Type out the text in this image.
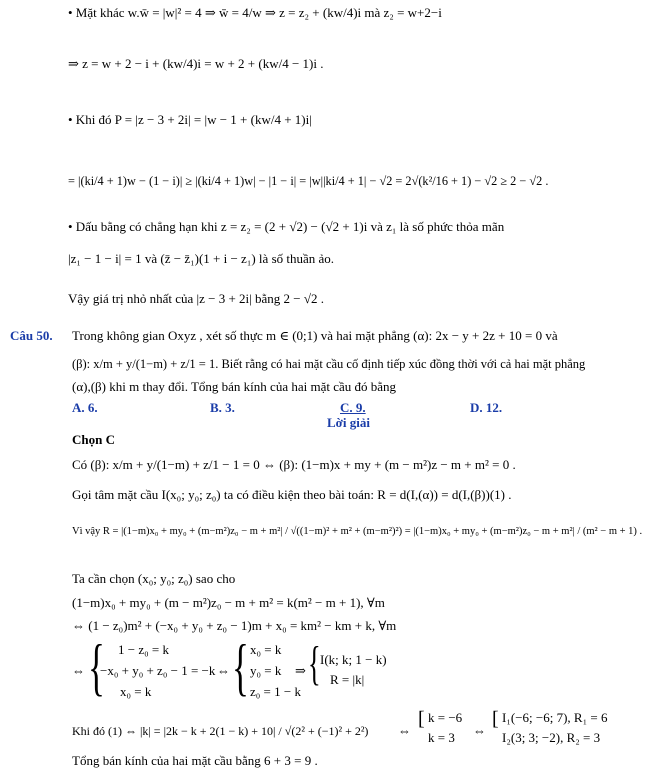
• Mặt khác w.w̄ = |w|² = 4 ⇒ w̄ = 4/w ⇒ z = z₂ + (kw/4)i mà z₂ = w+2−i
⇒ z = w + 2 − i + (kw/4)i = w + 2 + (kw/4 − 1)i .
• Khi đó P = |z − 3 + 2i| = |w − 1 + (kw/4 + 1)i|
= |(ki/4 + 1)w − (1 − i)| ≥ |(ki/4 + 1)w| − |1 − i| = |w||ki/4 + 1| − √2 = 2√(k²/16 + 1) − √2 ≥ 2 − √2 .
• Dấu bằng có chẳng hạn khi z = z₂ = (2 + √2) − (√2 + 1)i và z₁ là số phức thỏa mãn
|z₁ − 1 − i| = 1 và (z̄ − z̄₁)(1 + i − z₁) là số thuần ảo.
Vậy giá trị nhỏ nhất của |z − 3 + 2i| bằng 2 − √2 .
Câu 50. Trong không gian Oxyz , xét số thực m ∈ (0;1) và hai mặt phẳng (α): 2x − y + 2z + 10 = 0 và
(β): x/m + y/(1−m) + z/1 = 1. Biết rằng có hai mặt cầu cố định tiếp xúc đồng thời với cả hai mặt phẳng
(α),(β) khi m thay đổi. Tổng bán kính của hai mặt cầu đó bằng
A. 6.	B. 3.	C. 9.	D. 12.
Lời giải
Chọn C
Có (β): x/m + y/(1−m) + z/1 − 1 = 0 ⇔ (β): (1−m)x + my + (m − m²)z − m + m² = 0 .
Gọi tâm mặt cầu I(x₀; y₀; z₀) ta có điều kiện theo bài toán: R = d(I,(α)) = d(I,(β))(1) .
Vì vậy R = |(1−m)x₀ + my₀ + (m−m²)z₀ − m + m²| / √((1−m)² + m² + (m−m²)²) = |(1−m)x₀ + my₀ + (m−m²)z₀ − m + m²| / (m² − m + 1) .
Ta cần chọn (x₀; y₀; z₀) sao cho
(1−m)x₀ + my₀ + (m − m²)z₀ − m + m² = k(m² − m + 1), ∀m
⇔ (1 − z₀)m² + (−x₀ + y₀ + z₀ − 1)m + x₀ = km² − km + k, ∀m
⇔ { 1 − z₀ = k
−x₀ + y₀ + z₀ − 1 = −k
x₀ = k
⇔ { x₀ = k
y₀ = k
z₀ = 1 − k
⇒ { I(k; k; 1 − k)
R = |k|
Khi đó (1) ⇔ |k| = |2k − k + 2(1 − k) + 10| / √(2² + (−1)² + 2²) ⇔
[ k = −6
k = 3 ⇔
[ I₁(−6; −6; 7), R₁ = 6
I₂(3; 3; −2), R₂ = 3
Tổng bán kính của hai mặt cầu bằng 6 + 3 = 9 .
